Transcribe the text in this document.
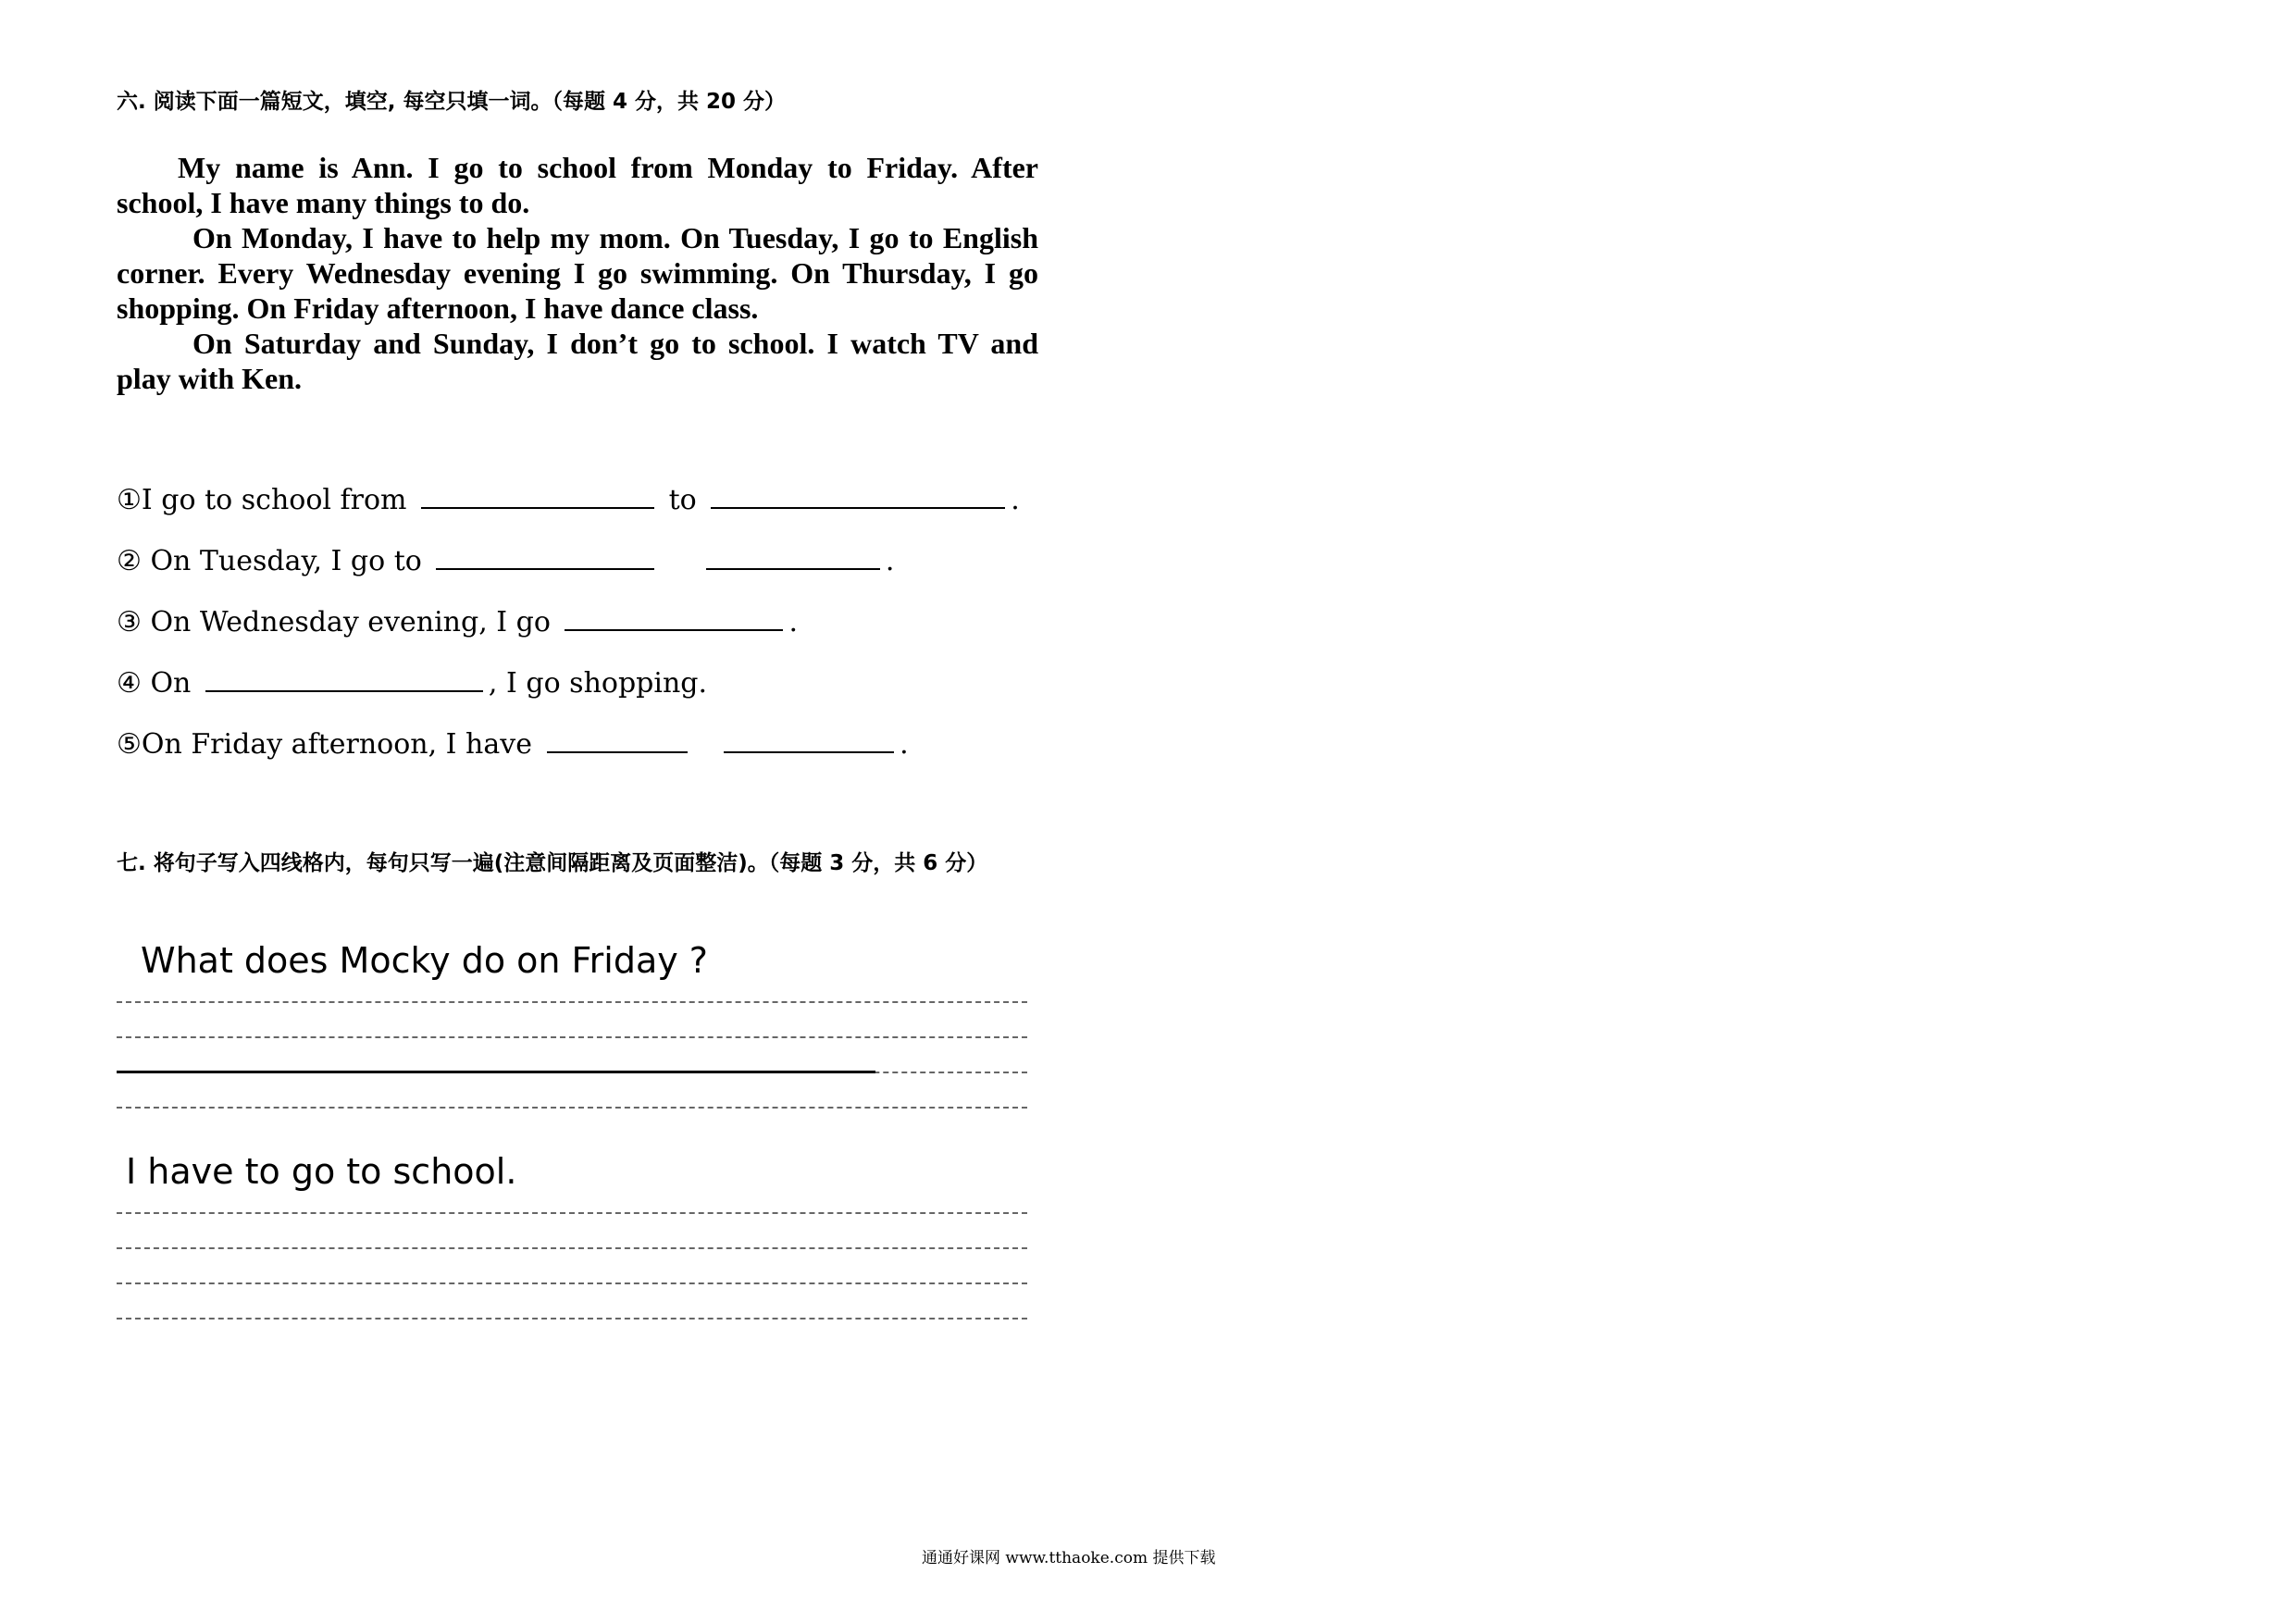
六. 阅读下面一篇短文，填空, 每空只填一词。（每题 4 分，共 20 分）

My name is Ann. I go to school from Monday to Friday. After school, I have many things to do.

On Monday, I have to help my mom. On Tuesday, I go to English corner. Every Wednesday evening I go swimming. On Thursday, I go shopping. On Friday afternoon, I have dance class.

On Saturday and Sunday, I don’t go to school. I watch TV and play with Ken.

①I go to school from	to	.
② On Tuesday, I go to	.
③ On Wednesday evening, I go	.
④ On	, I go shopping.
⑤On Friday afternoon, I have	.
七. 将句子写入四线格内，每句只写一遍(注意间隔距离及页面整洁)。（每题 3 分，共 6 分）
What does Mocky do on Friday ?
I have to go to school.
通通好课网 www.tthaoke.com 提供下载
